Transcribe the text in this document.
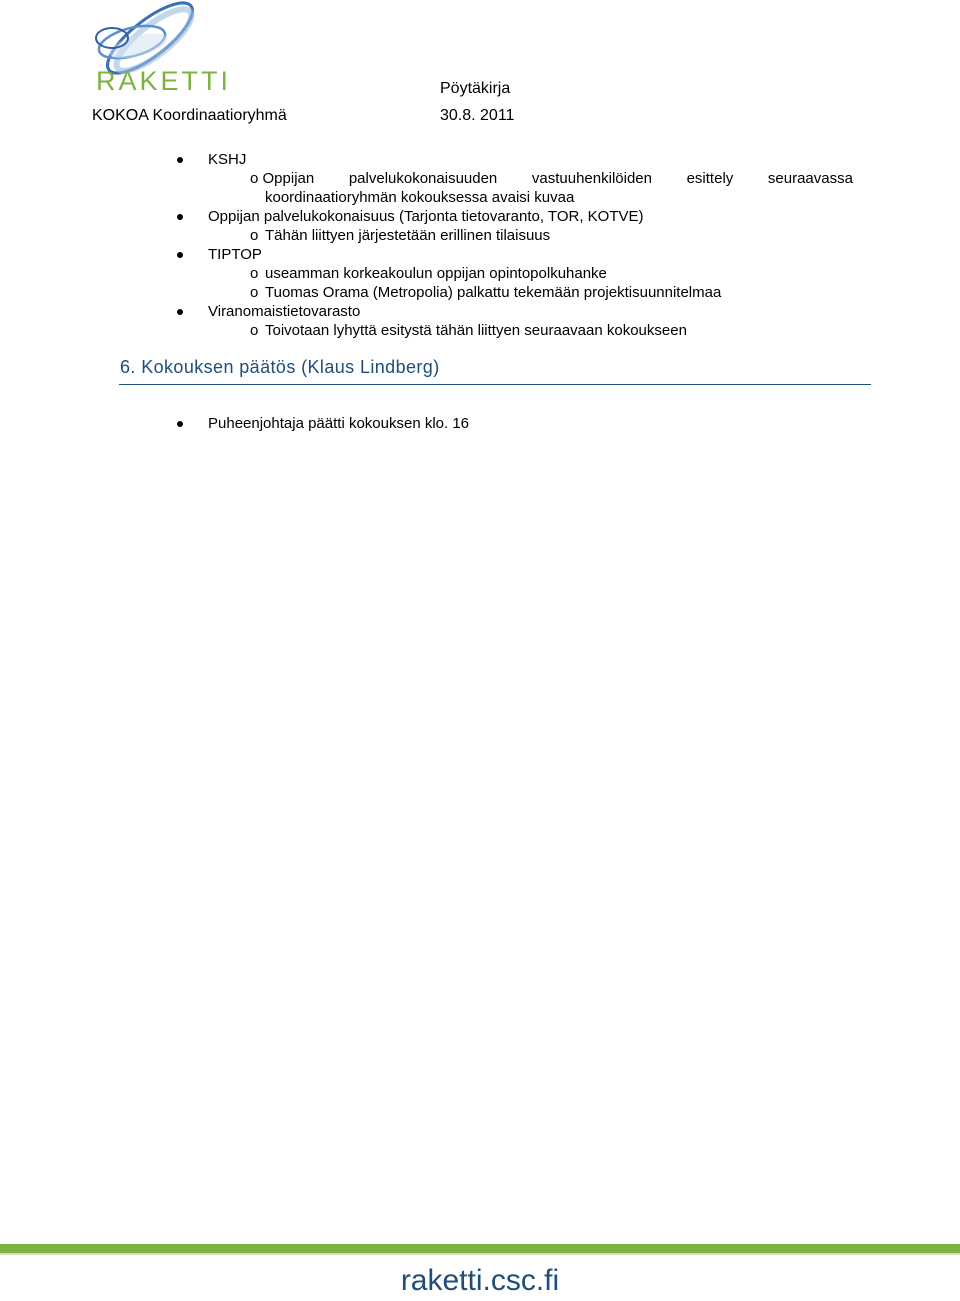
RAKETTI	Pöytäkirja
KOKOA Koordinaatioryhmä	30.8. 2011
KSHJ
o Oppijan palvelukokonaisuuden vastuuhenkilöiden esittely seuraavassa
koordinaatioryhmän kokouksessa avaisi kuvaa
Oppijan palvelukokonaisuus (Tarjonta tietovaranto, TOR, KOTVE)
o Tähän liittyen järjestetään erillinen tilaisuus
TIPTOP
o useamman korkeakoulun oppijan opintopolkuhanke
o Tuomas Orama (Metropolia) palkattu tekemään projektisuunnitelmaa
Viranomaistietovarasto
o Toivotaan lyhyttä esitystä tähän liittyen seuraavaan kokoukseen
6. Kokouksen päätös (Klaus Lindberg)
Puheenjohtaja päätti kokouksen klo. 16
raketti.csc.fi
